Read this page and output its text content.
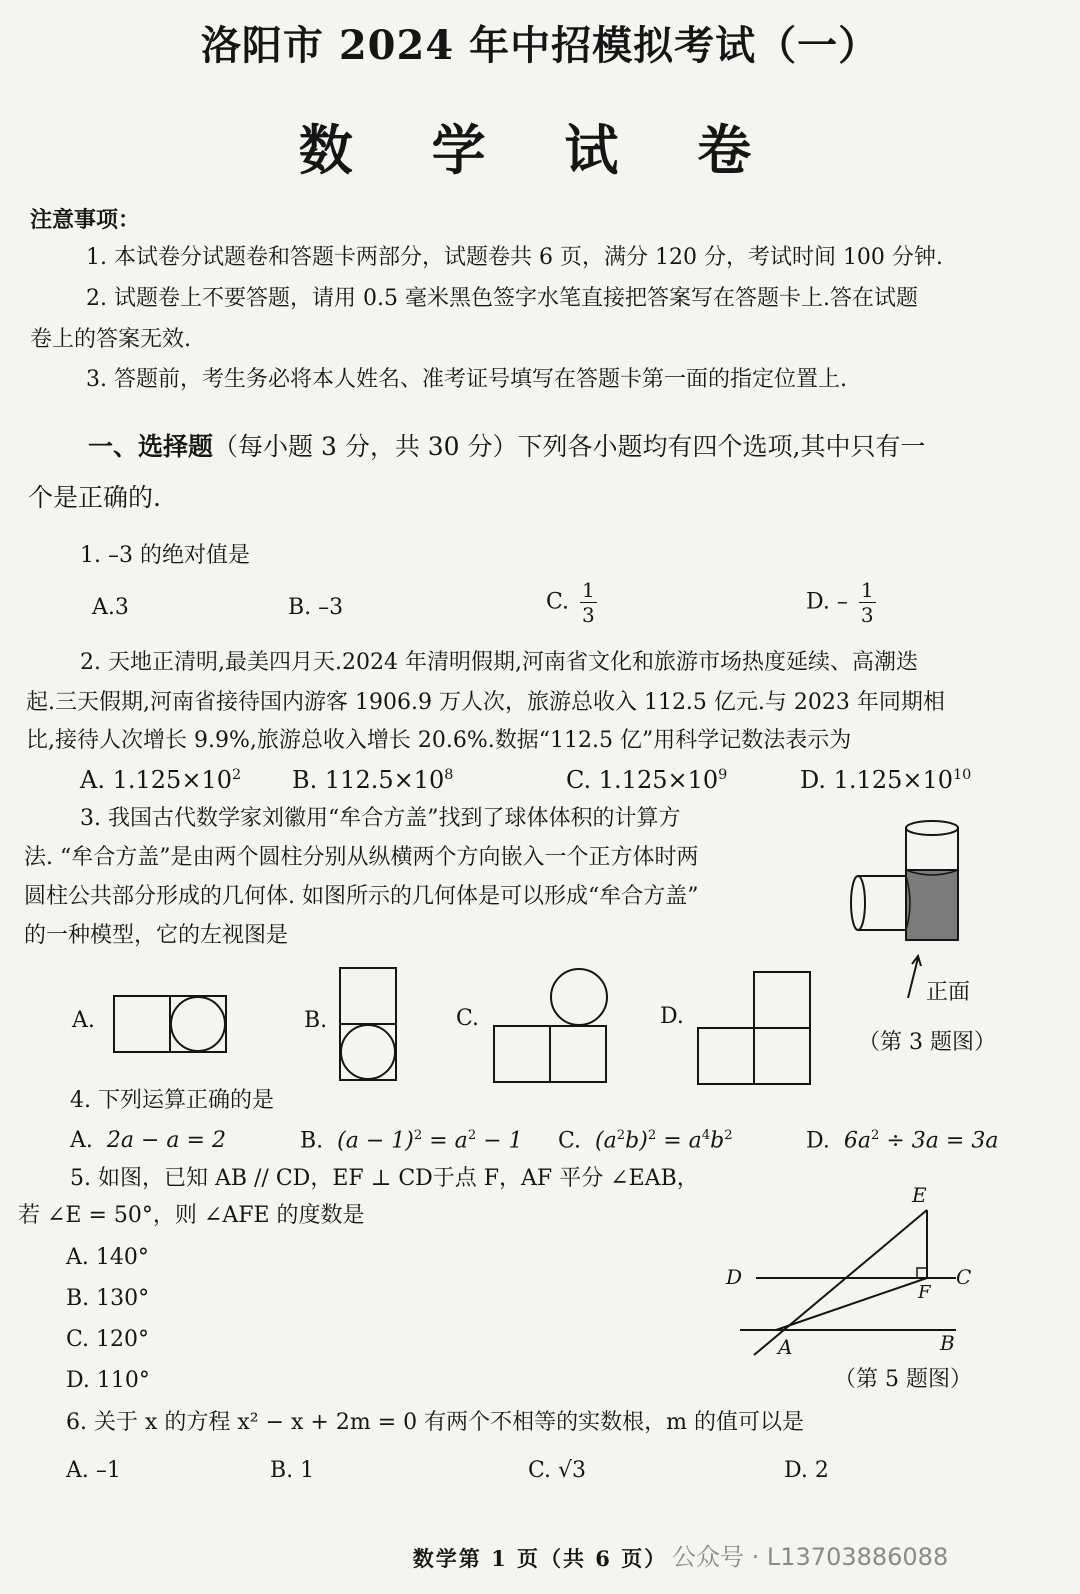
洛阳市 2024 年中招模拟考试（一）
数 学 试 卷
注意事项：
1. 本试卷分试题卷和答题卡两部分，试题卷共 6 页，满分 120 分，考试时间 100 分钟.
2. 试题卷上不要答题，请用 0.5 毫米黑色签字水笔直接把答案写在答题卡上.答在试题
卷上的答案无效.
3. 答题前，考生务必将本人姓名、准考证号填写在答题卡第一面的指定位置上.
一、选择题（每小题 3 分，共 30 分）下列各小题均有四个选项,其中只有一
个是正确的.
1. –3 的绝对值是
A.3	B. –3	C. $\frac{1}{3}$	D. – $\frac{1}{3}$
2. 天地正清明,最美四月天.2024 年清明假期,河南省文化和旅游市场热度延续、高潮迭
起.三天假期,河南省接待国内游客 1906.9 万人次，旅游总收入 112.5 亿元.与 2023 年同期相
比,接待人次增长 9.9%,旅游总收入增长 20.6%.数据“112.5 亿”用科学记数法表示为
A. $1.125\times 10^2$ B. $112.5\times 10^8$	C. $1.125\times 10^9$	D. $1.125\times 10^{10}$
3. 我国古代数学家刘徽用“牟合方盖”找到了球体体积的计算方
法. “牟合方盖”是由两个圆柱分别从纵横两个方向嵌入一个正方体时两
圆柱公共部分形成的几何体. 如图所示的几何体是可以形成“牟合方盖”
的一种模型，它的左视图是
正面
（第 3 题图）
A.	B.	C.	D.
4. 下列运算正确的是
A. 2a − a = 2	B. $(a - 1)^2 = a^2 - 1$ C. $(a^2b)^2 = a^4b^2$	D. $6a^2 \div 3a = 3a$
5. 如图，已知 AB // CD，EF ⊥ CD于点 F，AF 平分 ∠EAB，
若 ∠E = 50°，则 ∠AFE 的度数是
A. 140°
B. 130°
C. 120°
D. 110°
E
D	C
F
A	B
（第 5 题图）
6. 关于 x 的方程 x² − x + 2m = 0 有两个不相等的实数根，m 的值可以是
A. –1	B. 1	C. √3	D. 2
数学第 1 页（共 6 页） 公众号 · L13703886088
